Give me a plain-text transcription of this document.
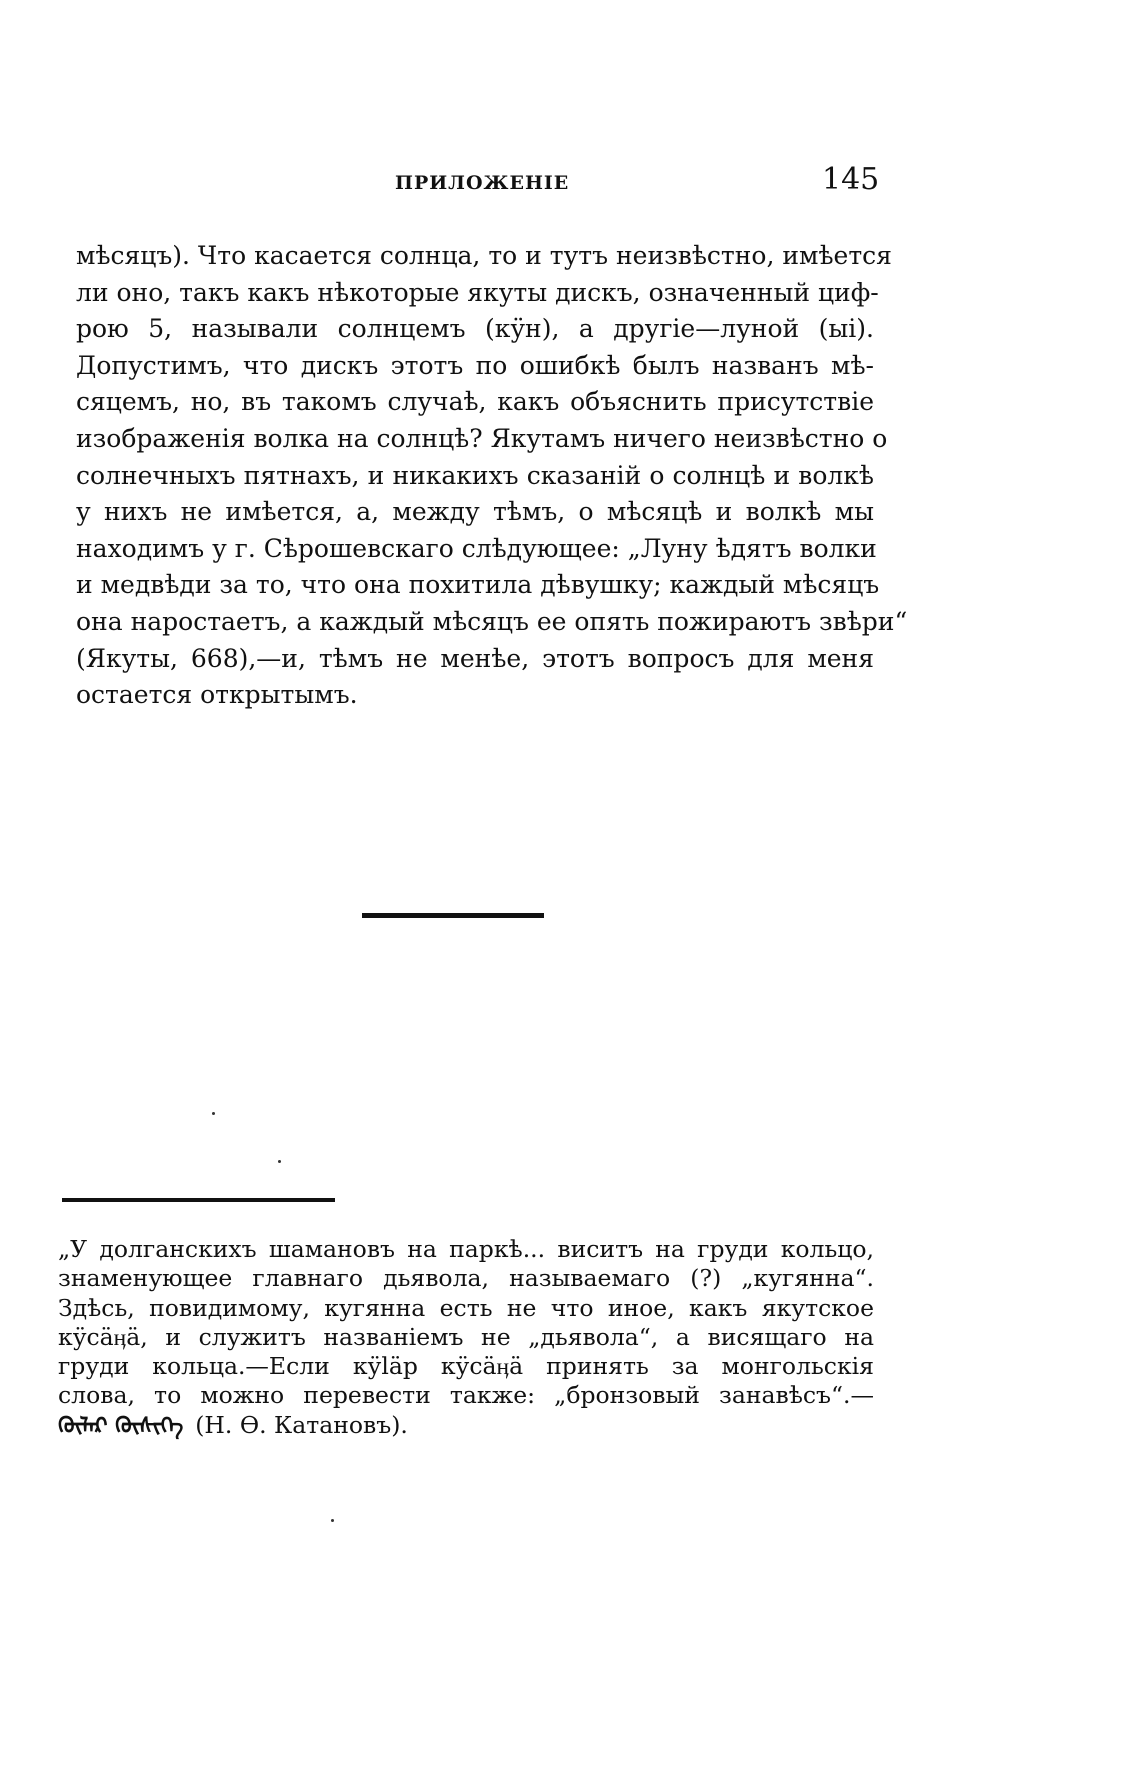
ПРИЛОЖЕНІЕ	145
мѣсяцъ). Что касается солнца, то и тутъ неизвѣстно, имѣется
ли оно, такъ какъ нѣкоторые якуты дискъ, означенный циф-
рою 5, называли солнцемъ (кӱн), а другіе—луной (ыі).
Допустимъ, что дискъ этотъ по ошибкѣ былъ названъ мѣ-
сяцемъ, но, въ такомъ случаѣ, какъ объяснить присутствіе
изображенія волка на солнцѣ? Якутамъ ничего неизвѣстно о
солнечныхъ пятнахъ, и никакихъ сказаній о солнцѣ и волкѣ
у нихъ не имѣется, а, между тѣмъ, о мѣсяцѣ и волкѣ мы
находимъ у г. Сѣрошевскаго слѣдующее: „Луну ѣдятъ волки
и медвѣди за то, что она похитила дѣвушку; каждый мѣсяцъ
она наростаетъ, а каждый мѣсяцъ ее опять пожираютъ звѣри“
(Якуты, 668),—и, тѣмъ не менѣе, этотъ вопросъ для меня
остается открытымъ.
„У долганскихъ шамановъ на паркѣ... виситъ на груди кольцо,
знаменующее главнаго дьявола, называемаго (?) „кугянна“.
Здѣсь, повидимому, кугянна есть не что иное, какъ якутское
кӱсӓӊӓ, и служитъ названіемъ не „дьявола“, а висящаго на
груди кольца.—Если кӱlӓр кӱсӓӊӓ принять за монгольскія
слова, то можно перевести также: „бронзовый занавѣсъ“.—
ᠬᠥᠯᠡᠷ ᠬᠦᠰᠢᠭ᠌ᠡ (Н. Ѳ. Катановъ).
